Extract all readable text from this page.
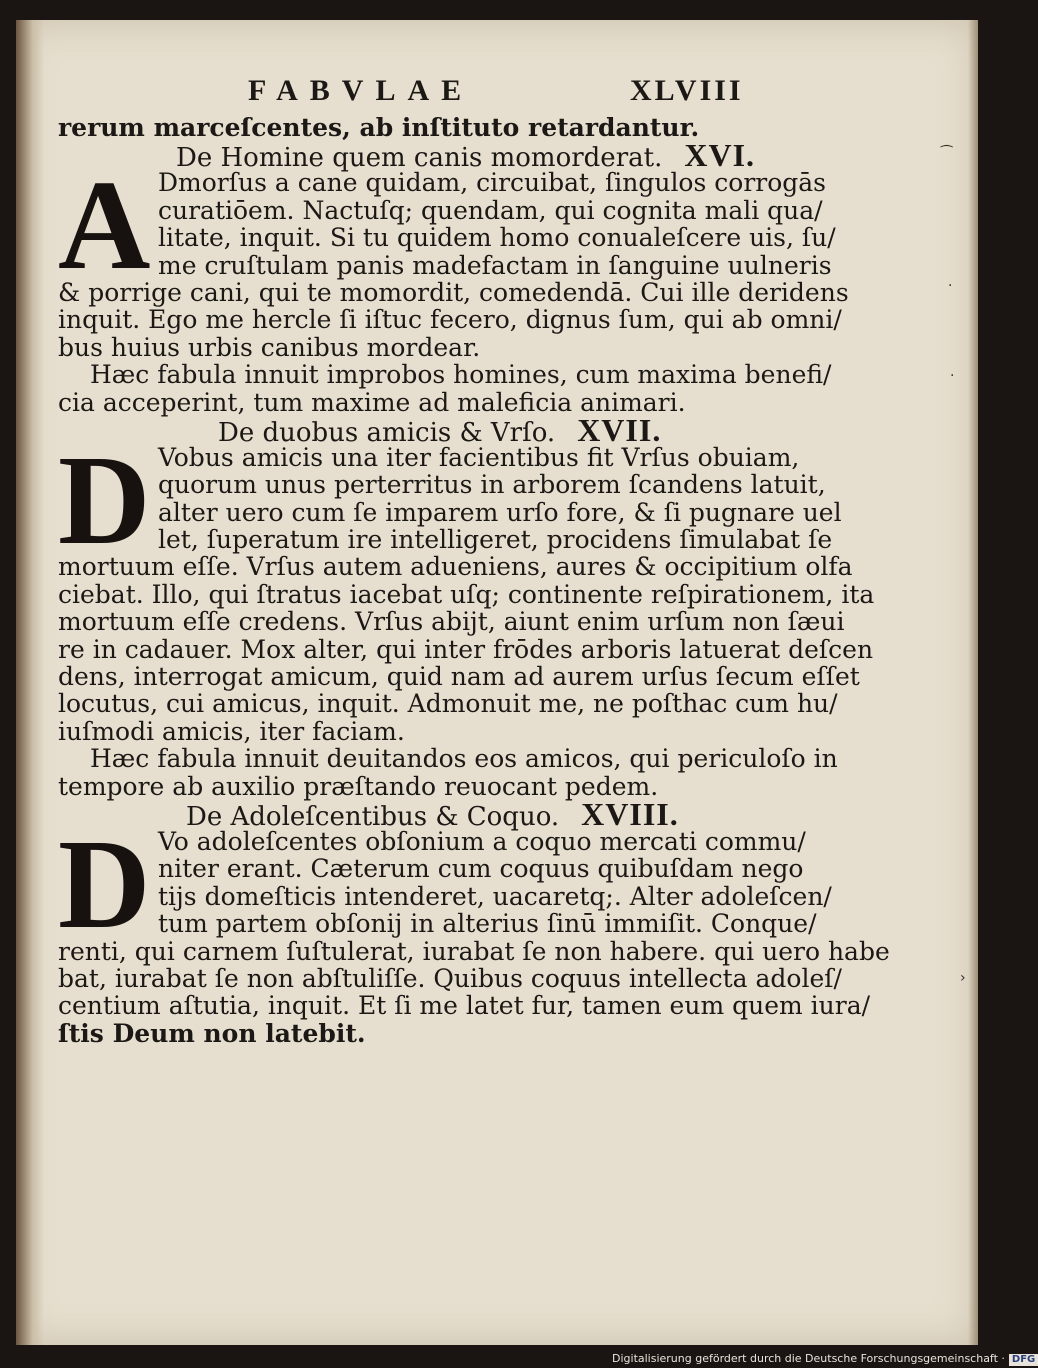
⁀
·
·
›
FABVLAE	XLVIII
rerum marceſcentes, ab inſtituto retardantur.
De Homine quem canis momorderat. XVI.
A Dmorſus a cane quidam, circuibat, ſingulos corrogās
curatiōem. Nactuſq; quendam, qui cognita mali qua/
litate, inquit. Si tu quidem homo conualeſcere uis, ſu/
me cruſtulam panis madefactam in ſanguine uulneris
& porrige cani, qui te momordit, comedendā. Cui ille deridens
inquit. Ego me hercle ſi iſtuc fecero, dignus ſum, qui ab omni/
bus huius urbis canibus mordear.
Hæc fabula innuit improbos homines, cum maxima benefi/
cia acceperint, tum maxime ad maleficia animari.
De duobus amicis & Vrſo. XVII.
D Vobus amicis una iter facientibus fit Vrſus obuiam,
quorum unus perterritus in arborem ſcandens latuit,
alter uero cum ſe imparem urſo fore, & ſi pugnare uel
let, ſuperatum ire intelligeret, procidens ſimulabat ſe
mortuum eſſe. Vrſus autem adueniens, aures & occipitium olfa
ciebat. Illo, qui ſtratus iacebat uſq; continente reſpirationem, ita
mortuum eſſe credens. Vrſus abijt, aiunt enim urſum non ſæui
re in cadauer. Mox alter, qui inter frōdes arboris latuerat deſcen
dens, interrogat amicum, quid nam ad aurem urſus ſecum eſſet
locutus, cui amicus, inquit. Admonuit me, ne poſthac cum hu/
iuſmodi amicis, iter faciam.
Hæc fabula innuit deuitandos eos amicos, qui periculoſo in
tempore ab auxilio præſtando reuocant pedem.
De Adoleſcentibus & Coquo. XVIII.
D Vo adoleſcentes obſonium a coquo mercati commu/
niter erant. Cæterum cum coquus quibuſdam nego
tijs domeſticis intenderet, uacaretq;. Alter adoleſcen/
tum partem obſonij in alterius ſinū immiſit. Conque/
renti, qui carnem ſuſtulerat, iurabat ſe non habere. qui uero habe
bat, iurabat ſe non abſtuliſſe. Quibus coquus intellecta adoleſ/
centium aſtutia, inquit. Et ſi me latet fur, tamen eum quem iura/
ſtis Deum non latebit.
Digitalisierung gefördert durch die Deutsche Forschungsgemeinschaft · DFG
